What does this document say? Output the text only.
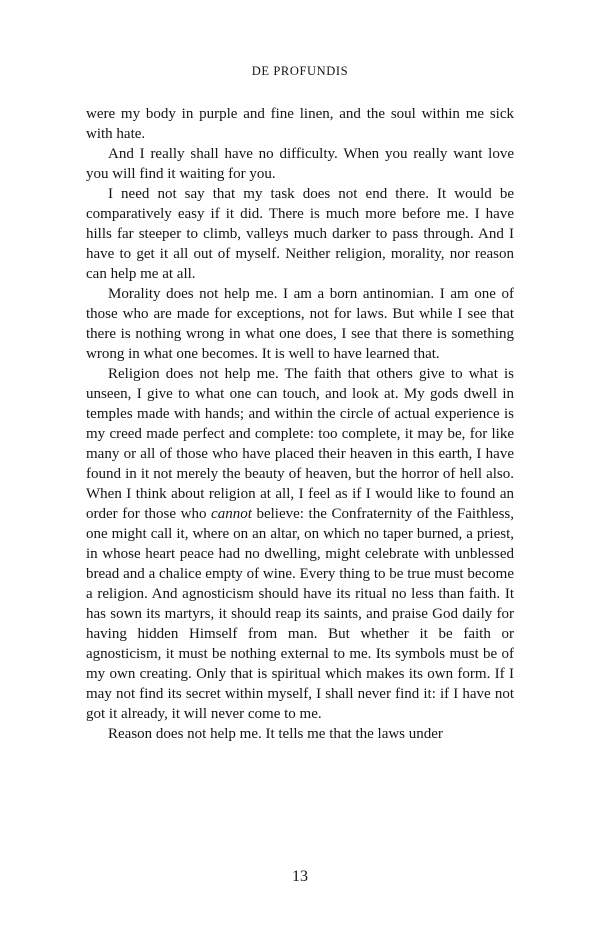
DE PROFUNDIS

were my body in purple and fine linen, and the soul within me sick with hate.

And I really shall have no difficulty. When you really want love you will find it waiting for you.

I need not say that my task does not end there. It would be comparatively easy if it did. There is much more before me. I have hills far steeper to climb, valleys much darker to pass through. And I have to get it all out of myself. Neither religion, morality, nor reason can help me at all.

Morality does not help me. I am a born antinomian. I am one of those who are made for exceptions, not for laws. But while I see that there is nothing wrong in what one does, I see that there is something wrong in what one becomes. It is well to have learned that.

Religion does not help me. The faith that others give to what is unseen, I give to what one can touch, and look at. My gods dwell in temples made with hands; and within the circle of actual experience is my creed made perfect and complete: too complete, it may be, for like many or all of those who have placed their heaven in this earth, I have found in it not merely the beauty of heaven, but the horror of hell also. When I think about religion at all, I feel as if I would like to found an order for those who cannot believe: the Confraternity of the Faithless, one might call it, where on an altar, on which no taper burned, a priest, in whose heart peace had no dwelling, might celebrate with unblessed bread and a chalice empty of wine. Every thing to be true must become a religion. And agnosticism should have its ritual no less than faith. It has sown its martyrs, it should reap its saints, and praise God daily for having hidden Himself from man. But whether it be faith or agnosticism, it must be nothing external to me. Its symbols must be of my own creating. Only that is spiritual which makes its own form. If I may not find its secret within myself, I shall never find it: if I have not got it already, it will never come to me.

Reason does not help me. It tells me that the laws under

13
